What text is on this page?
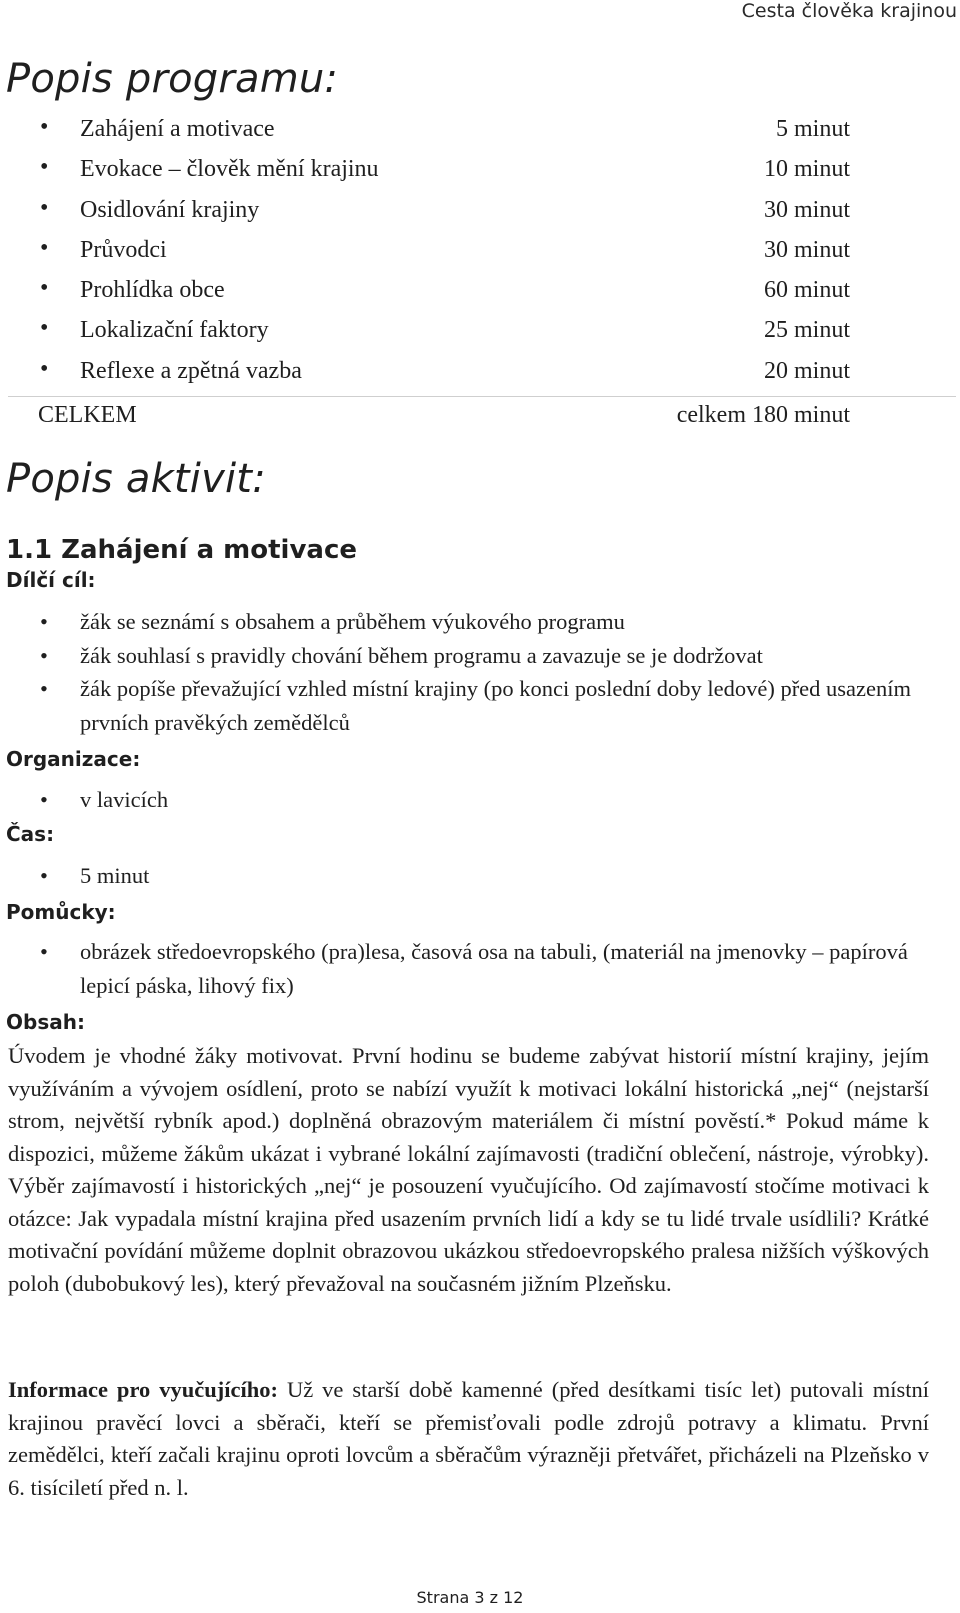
Cesta člověka krajinou
Popis programu:
• Zahájení a motivace	5 minut
• Evokace – člověk mění krajinu	10 minut
• Osidlování krajiny	30 minut
• Průvodci	30 minut
• Prohlídka obce	60 minut
• Lokalizační faktory	25 minut
• Reflexe a zpětná vazba	20 minut
CELKEM	celkem 180 minut
Popis aktivit:
1.1 Zahájení a motivace
Dílčí cíl:
• žák se seznámí s obsahem a průběhem výukového programu
• žák souhlasí s pravidly chování během programu a zavazuje se je dodržovat
• žák popíše převažující vzhled místní krajiny (po konci poslední doby ledové) před usazením prvních pravěkých zemědělců
Organizace:
• v lavicích
Čas:
• 5 minut
Pomůcky:
• obrázek středoevropského (pra)lesa, časová osa na tabuli, (materiál na jmenovky – papírová lepicí páska, lihový fix)
Obsah:
Úvodem je vhodné žáky motivovat. První hodinu se budeme zabývat historií místní krajiny, jejím využíváním a vývojem osídlení, proto se nabízí využít k motivaci lokální historická „nej“ (nejstarší strom, největší rybník apod.) doplněná obrazovým materiálem či místní pověstí.* Pokud máme k dispozici, můžeme žákům ukázat i vybrané lokální zajímavosti (tradiční oblečení, nástroje, výrobky). Výběr zajímavostí i historických „nej“ je posouzení vyučujícího. Od zajímavostí stočíme motivaci k otázce: Jak vypadala místní krajina před usazením prvních lidí a kdy se tu lidé trvale usídlili? Krátké motivační povídání můžeme doplnit obrazovou ukázkou středoevropského pralesa nižších výškových poloh (dubobukový les), který převažoval na současném jižním Plzeňsku.
Informace pro vyučujícího: Už ve starší době kamenné (před desítkami tisíc let) putovali místní krajinou pravěcí lovci a sběrači, kteří se přemisťovali podle zdrojů potravy a klimatu. První zemědělci, kteří začali krajinu oproti lovcům a sběračům výrazněji přetvářet, přicházeli na Plzeňsko v 6. tisíciletí před n. l.
Strana 3 z 12
